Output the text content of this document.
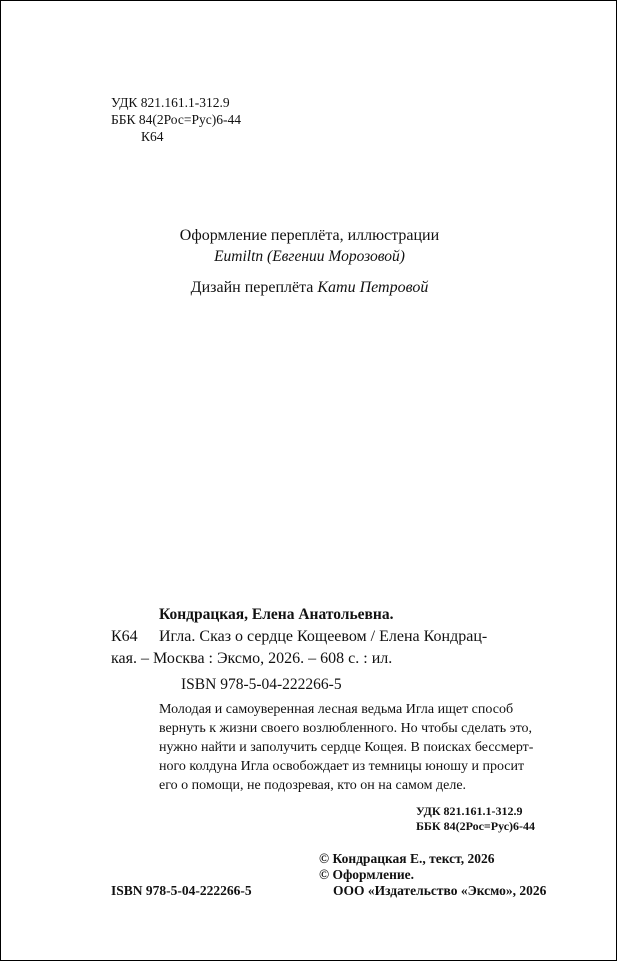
УДК 821.161.1-312.9
ББК 84(2Рос=Рус)6-44
К64
Оформление переплёта, иллюстрации
Eumiltn (Евгении Морозовой)
Дизайн переплёта Кати Петровой
Кондрацкая, Елена Анатольевна.
К64 Игла. Сказ о сердце Кощеевом / Елена Кондрац-
кая. – Москва : Эксмо, 2026. – 608 с. : ил.
ISBN 978-5-04-222266-5
Молодая и самоуверенная лесная ведьма Игла ищет способ
вернуть к жизни своего возлюбленного. Но чтобы сделать это,
нужно найти и заполучить сердце Кощея. В поисках бессмерт-
ного колдуна Игла освобождает из темницы юношу и просит
его о помощи, не подозревая, кто он на самом деле.
УДК 821.161.1-312.9
ББК 84(2Рос=Рус)6-44
© Кондрацкая Е., текст, 2026
© Оформление.
ISBN 978-5-04-222266-5	ООО «Издательство «Эксмо», 2026
